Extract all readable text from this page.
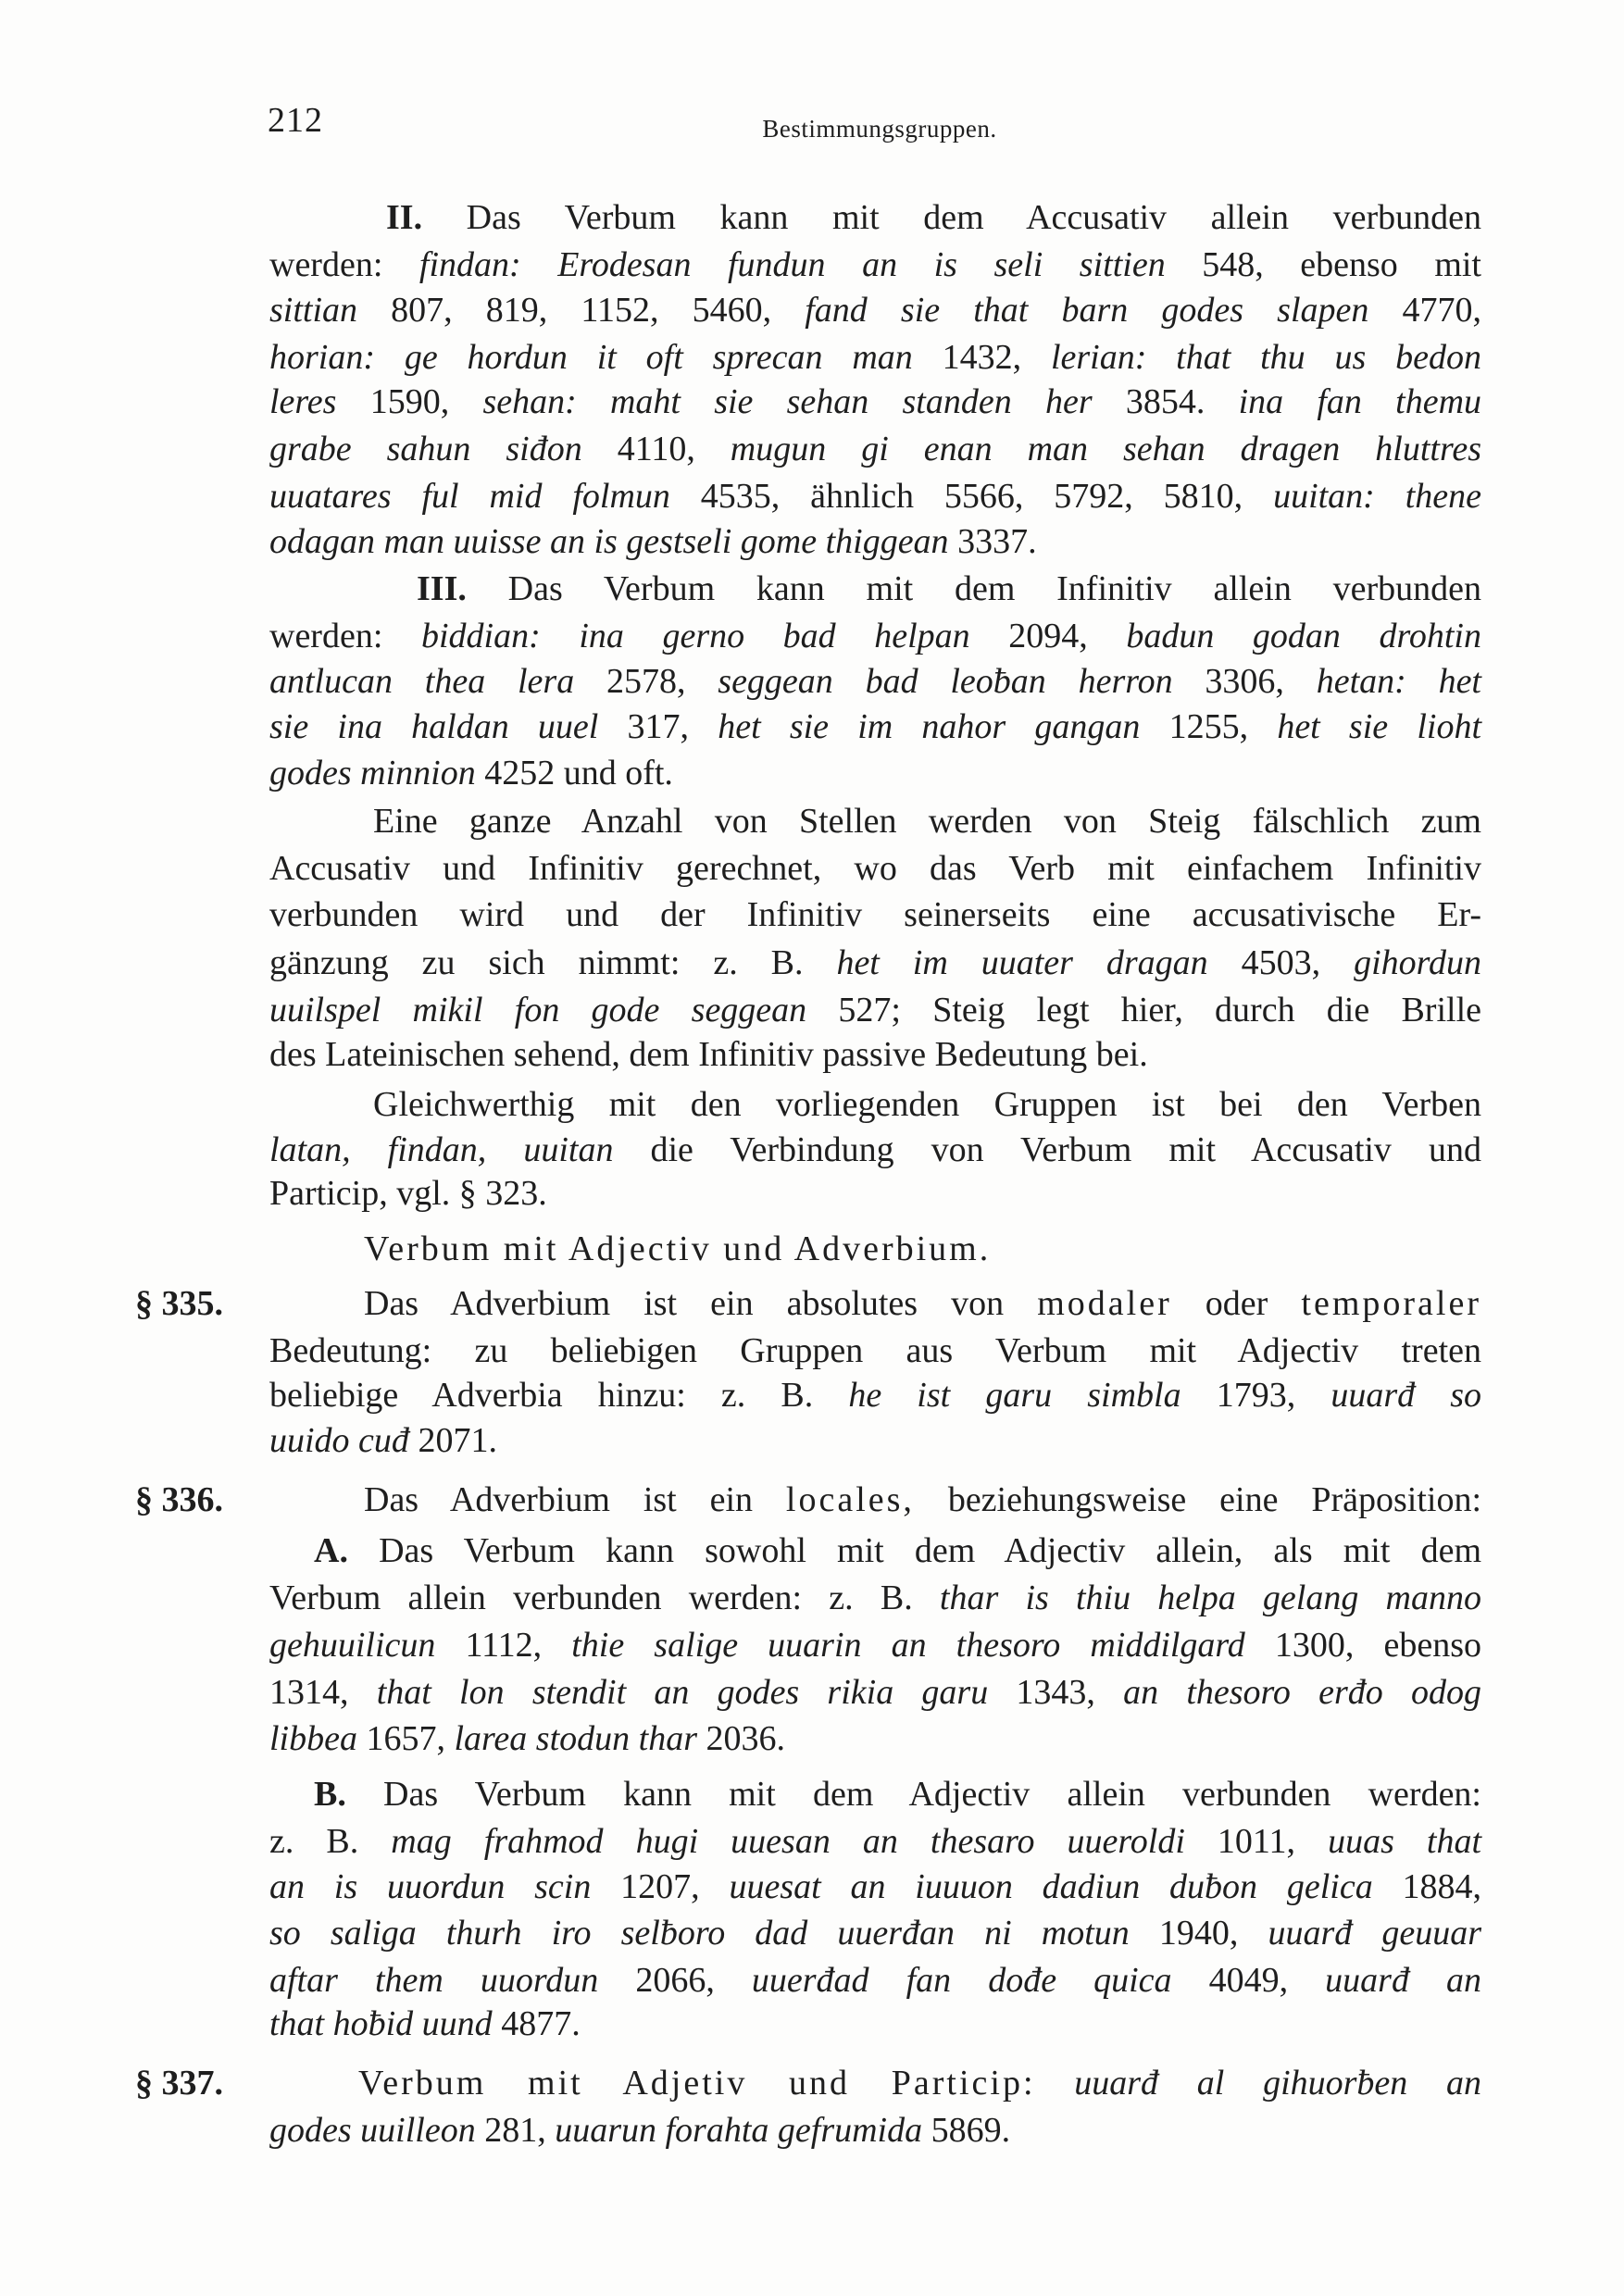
212	Bestimmungsgruppen.
II. Das Verbum kann mit dem Accusativ allein verbunden
werden: findan: Erodesan fundun an is seli sittien 548, ebenso mit
sittian 807, 819, 1152, 5460, fand sie that barn godes slapen 4770,
horian: ge hordun it oft sprecan man 1432, lerian: that thu us bedon
leres 1590, sehan: maht sie sehan standen her 3854. ina fan themu
grabe sahun siđon 4110, mugun gi enan man sehan dragen hluttres
uuatares ful mid folmun 4535, ähnlich 5566, 5792, 5810, uuitan: thene
odagan man uuisse an is gestseli gome thiggean 3337.
III. Das Verbum kann mit dem Infinitiv allein verbunden
werden: biddian: ina gerno bad helpan 2094, badun godan drohtin
antlucan thea lera 2578, seggean bad leoƀan herron 3306, hetan: het
sie ina haldan uuel 317, het sie im nahor gangan 1255, het sie lioht
godes minnion 4252 und oft.
Eine ganze Anzahl von Stellen werden von Steig fälschlich zum
Accusativ und Infinitiv gerechnet, wo das Verb mit einfachem Infinitiv
verbunden wird und der Infinitiv seinerseits eine accusativische Er-
gänzung zu sich nimmt: z. B. het im uuater dragan 4503, gihordun
uuilspel mikil fon gode seggean 527; Steig legt hier, durch die Brille
des Lateinischen sehend, dem Infinitiv passive Bedeutung bei.
Gleichwerthig mit den vorliegenden Gruppen ist bei den Verben
latan, findan, uuitan die Verbindung von Verbum mit Accusativ und
Particip, vgl. § 323.
Verbum mit Adjectiv und Adverbium.
§ 335.	Das Adverbium ist ein absolutes von modaler oder temporaler
Bedeutung: zu beliebigen Gruppen aus Verbum mit Adjectiv treten
beliebige Adverbia hinzu: z. B. he ist garu simbla 1793, uuarđ so
uuido cuđ 2071.
§ 336.	Das Adverbium ist ein locales, beziehungsweise eine Präposition:
A. Das Verbum kann sowohl mit dem Adjectiv allein, als mit dem
Verbum allein verbunden werden: z. B. thar is thiu helpa gelang manno
gehuuilicun 1112, thie salige uuarin an thesoro middilgard 1300, ebenso
1314, that lon stendit an godes rikia garu 1343, an thesoro erđo odog
libbea 1657, larea stodun thar 2036.
B. Das Verbum kann mit dem Adjectiv allein verbunden werden:
z. B. mag frahmod hugi uuesan an thesaro uueroldi 1011, uuas that
an is uuordun scin 1207, uuesat an iuuuon dadiun duƀon gelica 1884,
so saliga thurh iro selƀoro dad uuerđan ni motun 1940, uuarđ geuuar
aftar them uuordun 2066, uuerđad fan dođe quica 4049, uuarđ an
that hoƀid uund 4877.
§ 337.	Verbum mit Adjetiv und Particip: uuarđ al gihuorƀen an
godes uuilleon 281, uuarun forahta gefrumida 5869.
